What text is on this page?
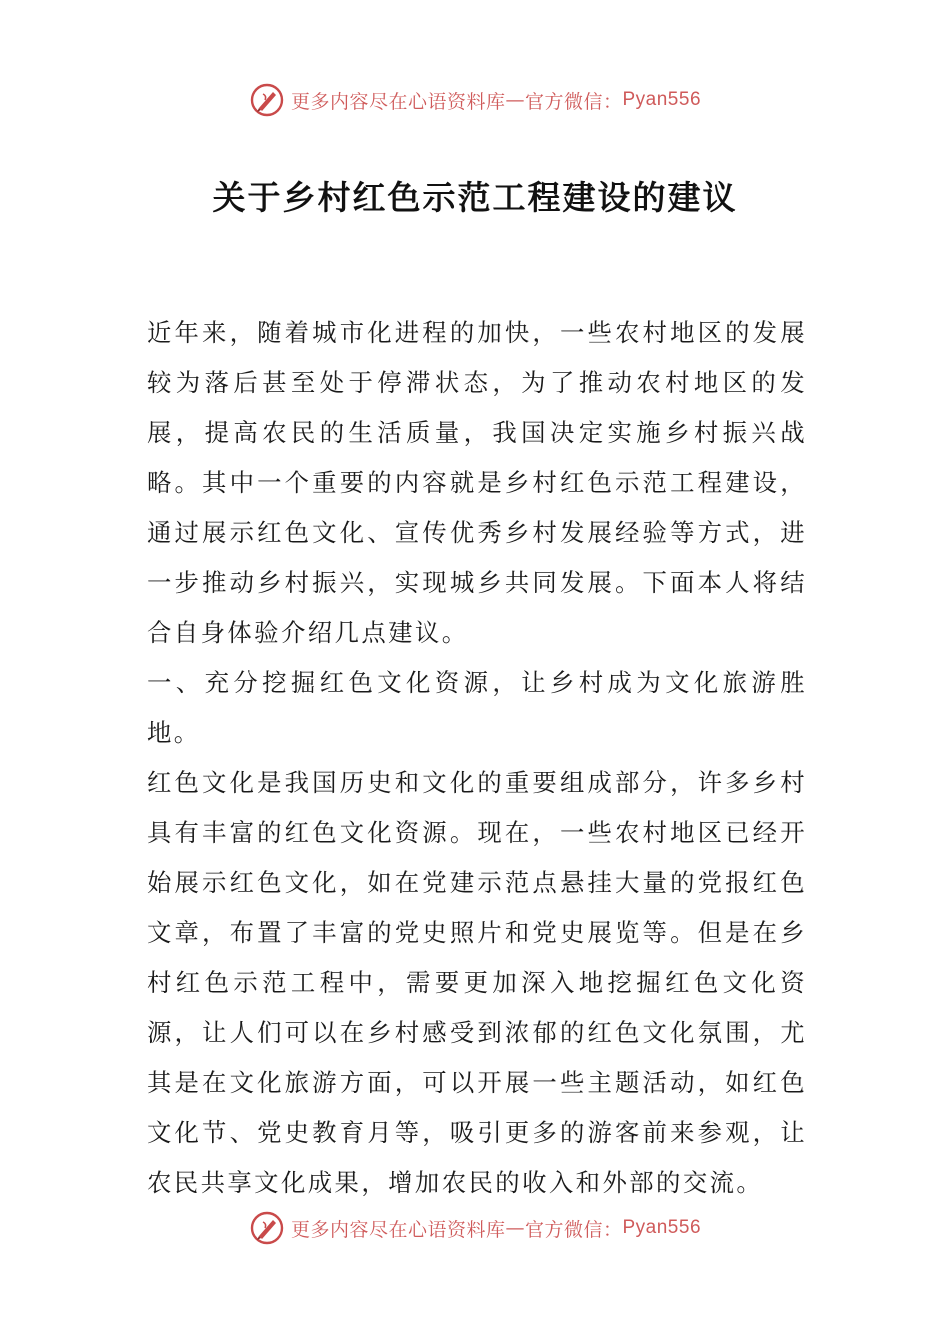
更多内容尽在心语资料库 — 官方微信： Pyan556
关于乡村红色示范工程建设的建议

近年来，随着城市化进程的加快，一些农村地区的发展较为落后甚至处于停滞状态，为了推动农村地区的发展，提高农民的生活质量，我国决定实施乡村振兴战略。其中一个重要的内容就是乡村红色示范工程建设，通过展示红色文化、宣传优秀乡村发展经验等方式，进一步推动乡村振兴，实现城乡共同发展。下面本人将结合自身体验介绍几点建议。

一、充分挖掘红色文化资源，让乡村成为文化旅游胜地。

红色文化是我国历史和文化的重要组成部分，许多乡村具有丰富的红色文化资源。现在，一些农村地区已经开始展示红色文化，如在党建示范点悬挂大量的党报红色文章，布置了丰富的党史照片和党史展览等。但是在乡村红色示范工程中，需要更加深入地挖掘红色文化资源，让人们可以在乡村感受到浓郁的红色文化氛围，尤其是在文化旅游方面，可以开展一些主题活动，如红色文化节、党史教育月等，吸引更多的游客前来参观，让农民共享文化成果，增加农民的收入和外部的交流。

更多内容尽在心语资料库 — 官方微信： Pyan556
